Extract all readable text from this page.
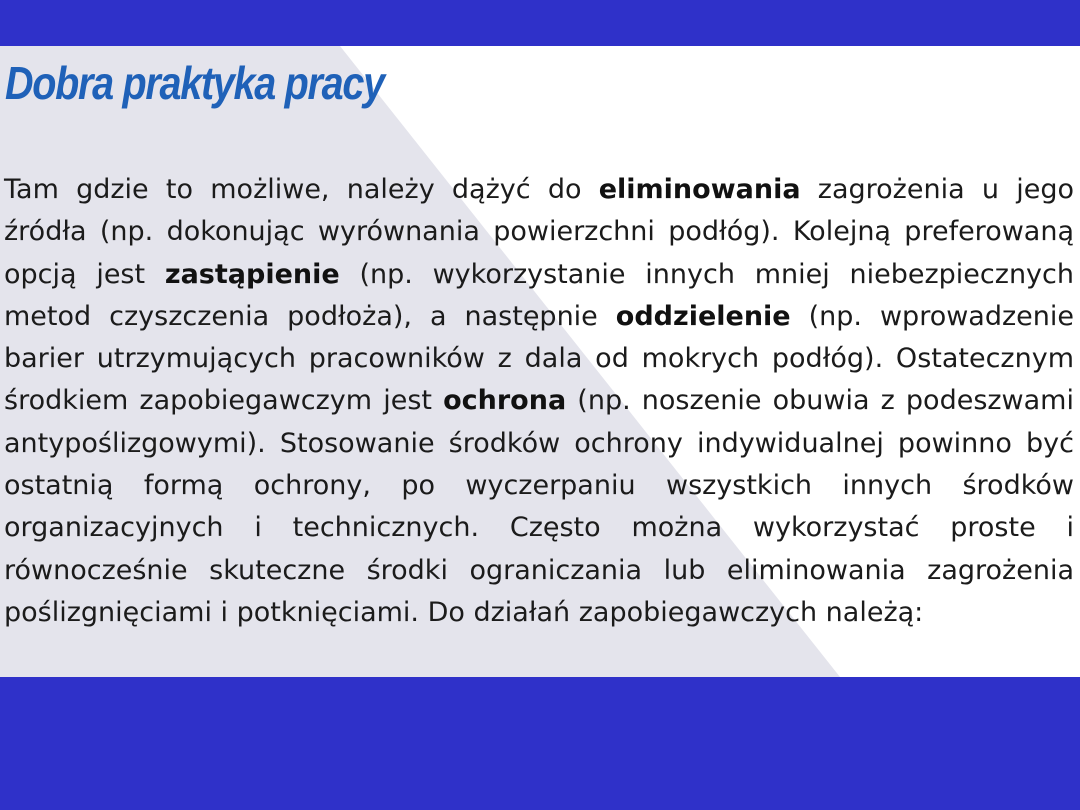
Dobra praktyka pracy

Tam gdzie to możliwe, należy dążyć do eliminowania zagrożenia u jego źródła (np. dokonując wyrównania powierzchni podłóg). Kolejną preferowaną opcją jest zastąpienie (np. wykorzystanie innych mniej niebezpiecznych metod czyszczenia podłoża), a następnie oddzielenie (np. wprowadzenie barier utrzymujących pracowników z dala od mokrych podłóg). Ostatecznym środkiem zapobiegawczym jest ochrona (np. noszenie obuwia z podeszwami antypoślizgowymi). Stosowanie środków ochrony indywidualnej powinno być ostatnią formą ochrony, po wyczerpaniu wszystkich innych środków organizacyjnych i technicznych. Często można wykorzystać proste i równocześnie skuteczne środki ograniczania lub eliminowania zagrożenia poślizgnięciami i potknięciami. Do działań zapobiegawczych należą:
